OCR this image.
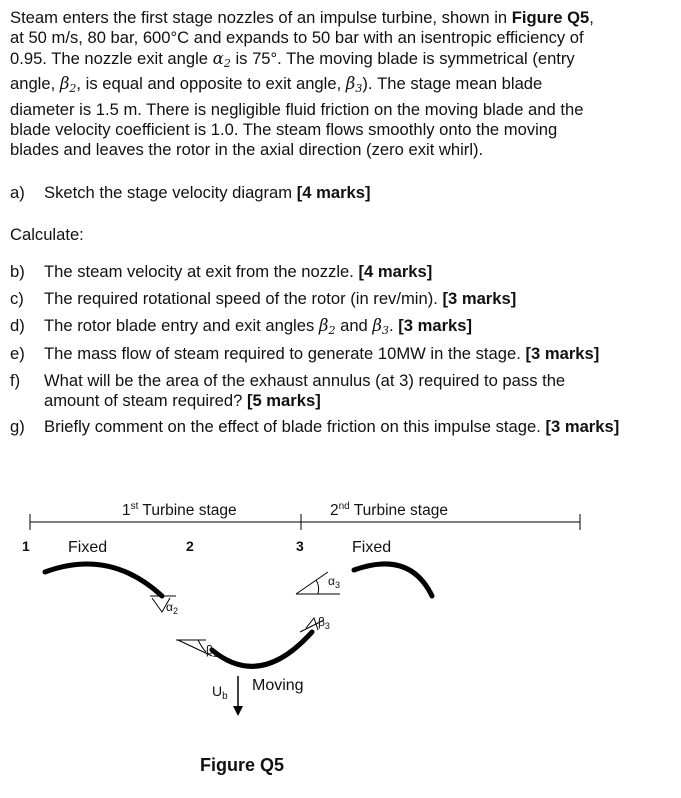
Steam enters the first stage nozzles of an impulse turbine, shown in Figure Q5,
at 50 m/s, 80 bar, 600°C and expands to 50 bar with an isentropic efficiency of
0.95. The nozzle exit angle $\alpha_2$ is 75°. The moving blade is symmetrical (entry
angle, $\beta_2$, is equal and opposite to exit angle, $\beta_3$). The stage mean blade
diameter is 1.5 m. There is negligible fluid friction on the moving blade and the
blade velocity coefficient is 1.0. The steam flows smoothly onto the moving
blades and leaves the rotor in the axial direction (zero exit whirl).
a) Sketch the stage velocity diagram [4 marks]
Calculate:
b) The steam velocity at exit from the nozzle. [4 marks]
c) The required rotational speed of the rotor (in rev/min). [3 marks]
d) The rotor blade entry and exit angles $\beta_2$ and $\beta_3$. [3 marks]
e) The mass flow of steam required to generate 10MW in the stage. [3 marks]
f) What will be the area of the exhaust annulus (at 3) required to pass the
amount of steam required? [5 marks]
g) Briefly comment on the effect of blade friction on this impulse stage. [3 marks]
1st Turbine stage	2nd Turbine stage
1 Fixed	2	3	Fixed
$\alpha_2$
$\beta_2$
$\beta_3$
$U_b$
Moving
$\alpha_3$
Figure Q5
